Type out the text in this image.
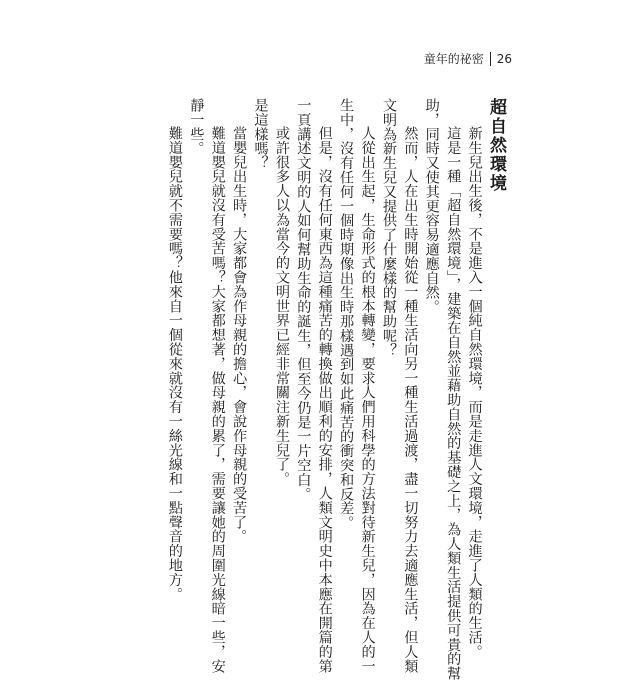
童年的祕密 26
超自然環境
新生兒出生後，不是進入一個純自然環境，而是走進人文環境，走進了人類的生活。
這是一種「超自然環境」，建築在自然並藉助自然的基礎之上，為人類生活提供可貴的幫
助，同時又使其更容易適應自然。
然而，人在出生時開始從一種生活向另一種生活過渡，盡一切努力去適應生活，但人類
文明為新生兒又提供了什麼樣的幫助呢？
人從出生起，生命形式的根本轉變，要求人們用科學的方法對待新生兒，因為在人的一
生中，沒有任何一個時期像出生時那樣遇到如此痛苦的衝突和反差。
但是，沒有任何東西為這種痛苦的轉換做出順利的安排，人類文明史中本應在開篇的第
一頁講述文明的人如何幫助生命的誕生，但至今仍是一片空白。
或許很多人以為當今的文明世界已經非常關注新生兒了。
是這樣嗎？
當嬰兒出生時，大家都會為作母親的擔心，會說作母親的受苦了。
難道嬰兒就沒有受苦嗎？大家都想著，做母親的累了，需要讓她的周圍光線暗一些，安
靜一些。
難道嬰兒就不需要嗎？他來自一個從來就沒有一絲光線和一點聲音的地方。
